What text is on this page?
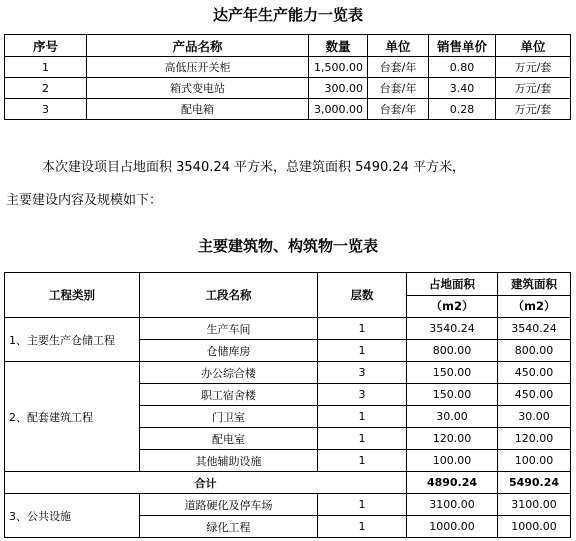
达产年生产能力一览表
序号	产品名称	数量	单位	销售单价	单位
1	高低压开关柜	1,500.00	台套/年	0.80	万元/套
2	箱式变电站	300.00	台套/年	3.40	万元/套
3	配电箱	3,000.00	台套/年	0.28	万元/套
本次建设项目占地面积 3540.24 平方米，总建筑面积 5490.24 平方米，
主要建设内容及规模如下：
主要建筑物、构筑物一览表
工程类别	工段名称	层数	占地面积	建筑面积
			（m2）	（m2）
1、主要生产仓储工程	生产车间	1	3540.24	3540.24
	仓储库房	1	800.00	800.00
2、配套建筑工程	办公综合楼	3	150.00	450.00
	职工宿舍楼	3	150.00	450.00
	门卫室	1	30.00	30.00
	配电室	1	120.00	120.00
	其他辅助设施	1	100.00	100.00
合计			4890.24	5490.24
3、公共设施	道路硬化及停车场	1	3100.00	3100.00
	绿化工程	1	1000.00	1000.00
